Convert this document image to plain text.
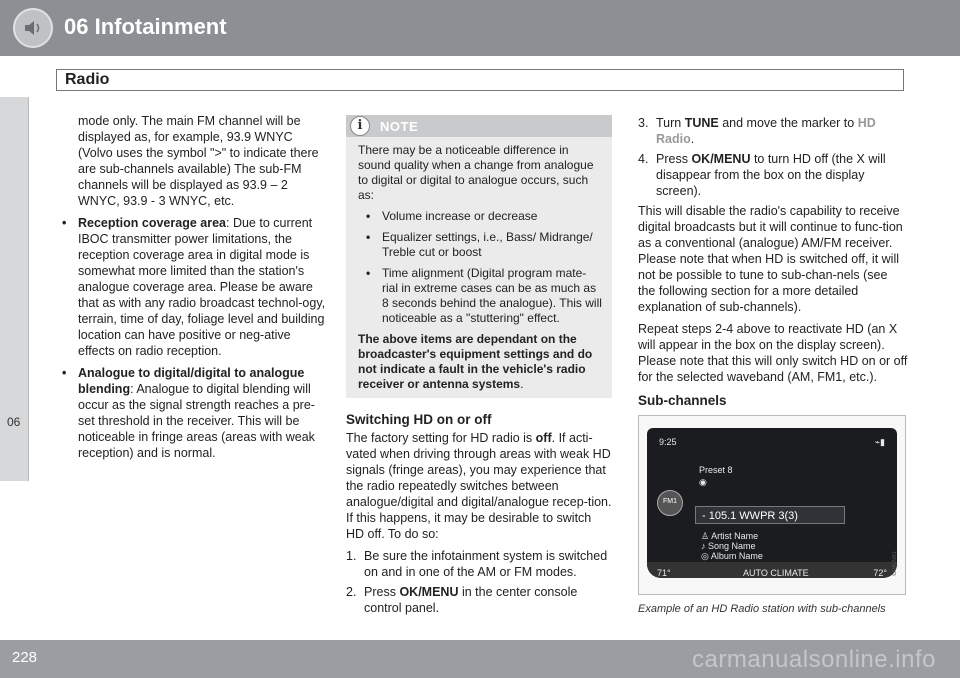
06 Infotainment
Radio
06

mode only. The main FM channel will be displayed as, for example, 93.9 WNYC (Volvo uses the symbol ">" to indicate there are sub-channels available) The sub-FM channels will be displayed as 93.9 – 2 WNYC, 93.9 - 3 WNYC, etc.

• Reception coverage area: Due to current IBOC transmitter power limitations, the reception coverage area in digital mode is somewhat more limited than the station's analogue coverage area. Please be aware that as with any radio broadcast technol-ogy, terrain, time of day, foliage level and building location can have positive or neg-ative effects on radio reception.
• Analogue to digital/digital to analogue blending: Analogue to digital blending will occur as the signal strength reaches a pre-set threshold in the receiver. This will be noticeable in fringe areas (areas with weak reception) and is normal.
i	NOTE

There may be a noticeable difference in sound quality when a change from analogue to digital or digital to analogue occurs, such as:

• Volume increase or decrease
• Equalizer settings, i.e., Bass/ Midrange/ Treble cut or boost
• Time alignment (Digital program mate-rial in extreme cases can be as much as 8 seconds behind the analogue). This will noticeable as a "stuttering" effect.
The above items are dependant on the broadcaster's equipment settings and do not indicate a fault in the vehicle's radio receiver or antenna systems.
Switching HD on or off

The factory setting for HD radio is off. If acti-vated when driving through areas with weak HD signals (fringe areas), you may experience that the radio repeatedly switches between analogue/digital and digital/analogue recep-tion. If this happens, it may be desirable to switch HD off. To do so:

1. Be sure the infotainment system is switched on and in one of the AM or FM modes.
2. Press OK/MENU in the center console control panel.
3. Turn TUNE and move the marker to HD Radio.
4. Press OK/MENU to turn HD off (the X will disappear from the box on the display screen).

This will disable the radio's capability to receive digital broadcasts but it will continue to func-tion as a conventional (analogue) AM/FM receiver. Please note that when HD is switched off, it will not be possible to tune to sub-chan-nels (see the following section for a more detailed explanation of sub-channels).

Repeat steps 2-4 above to reactivate HD (an X will appear in the box on the display screen). Please note that this will only switch HD on or off for the selected waveband (AM, FM1, etc.).

Sub-channels
9:25	⌁▮
Preset 8
◉
FM1
- 105.1 WWPR 3(3)
♙ Artist Name
♪ Song Name
◎ Album Name
71°	AUTO CLIMATE	72° G040981
Example of an HD Radio station with sub-channels
228	carmanualsonline.info
